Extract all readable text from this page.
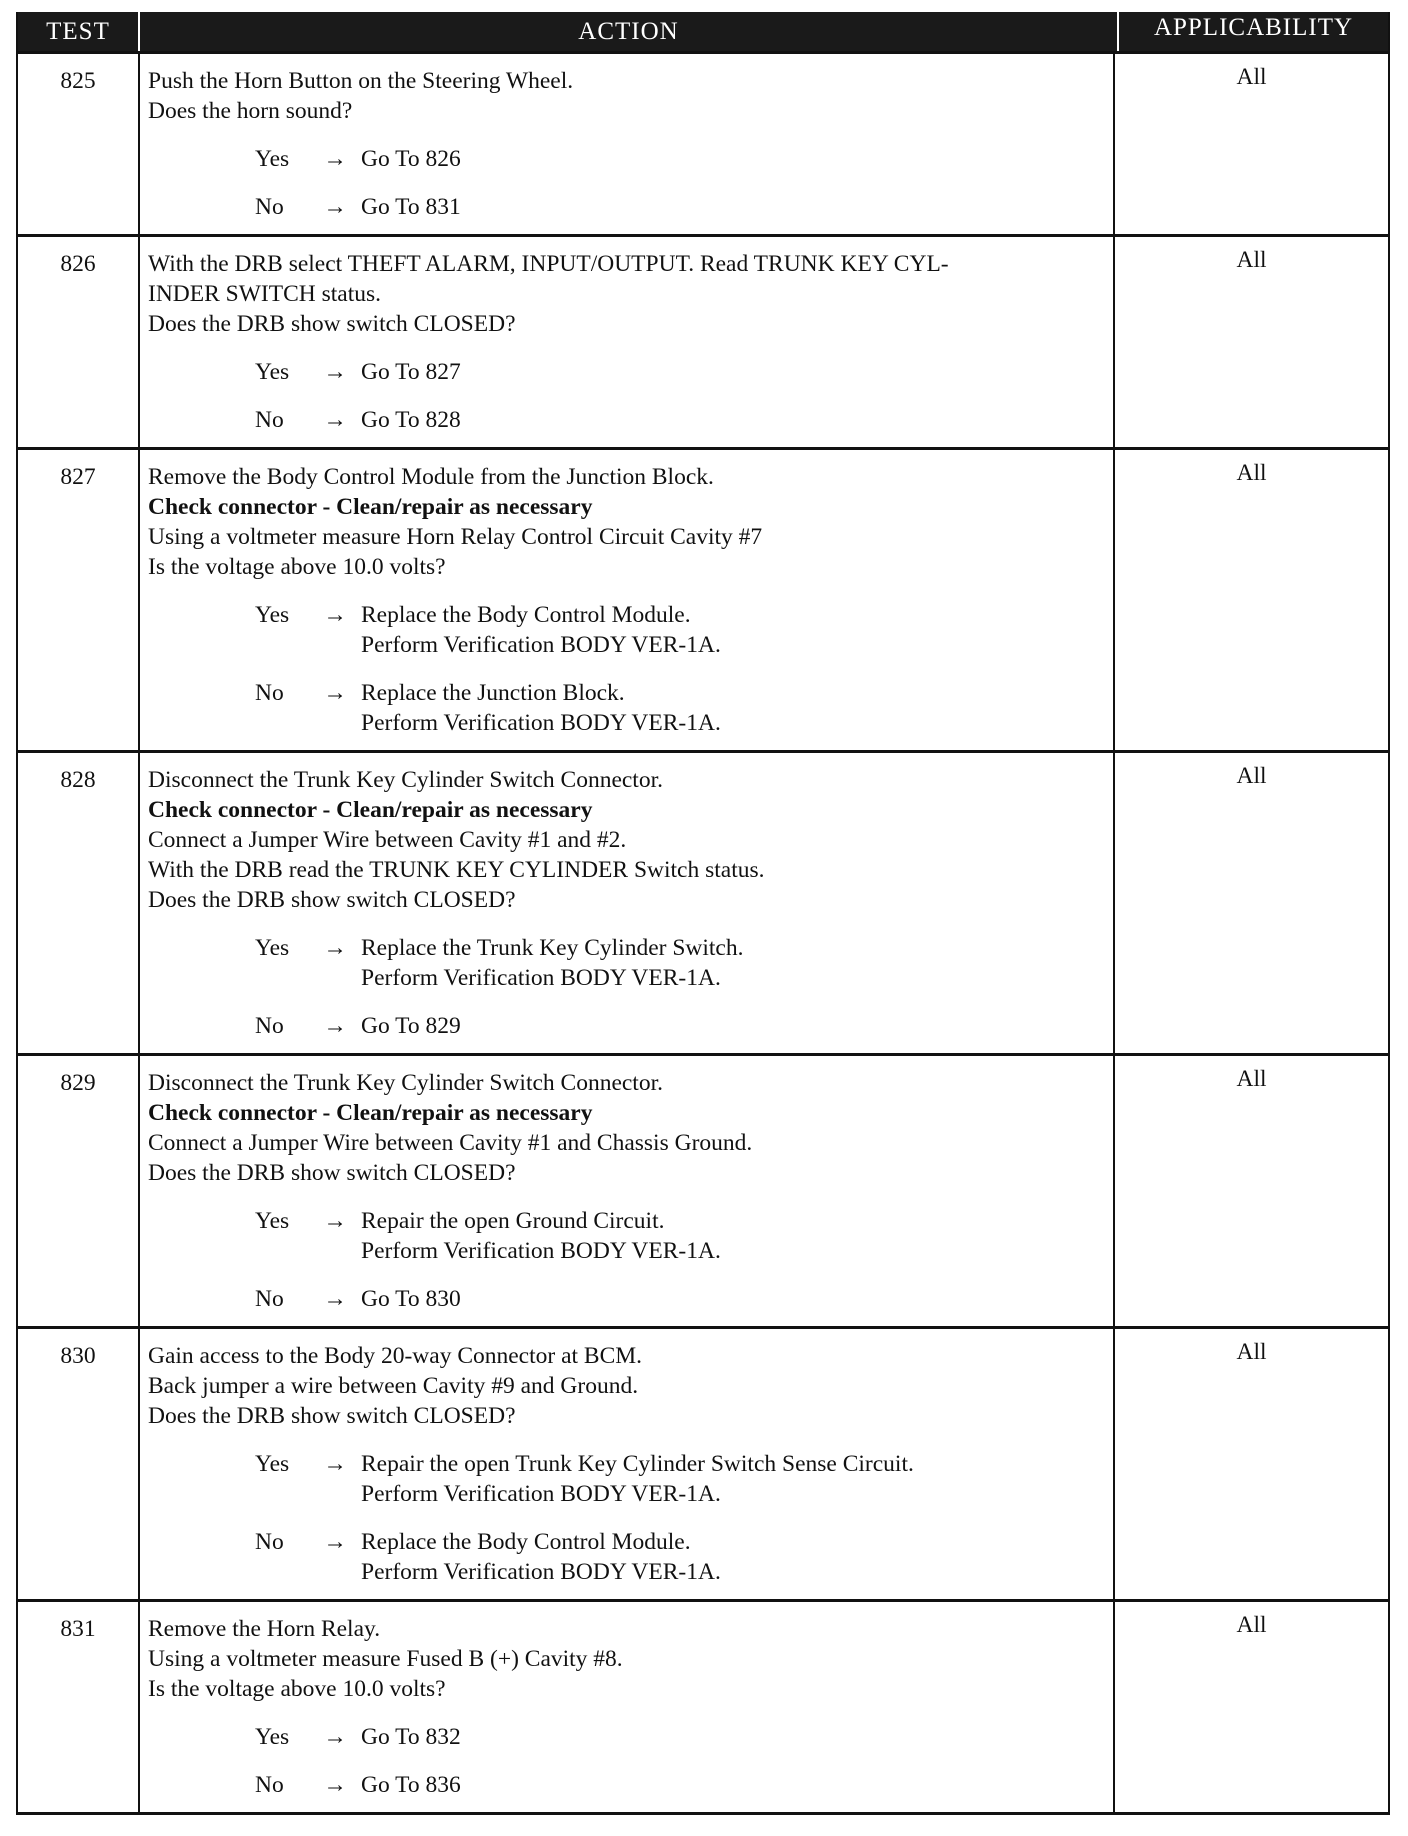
TEST	ACTION	APPLICABILITY
825	Push the Horn Button on the Steering Wheel.
Does the horn sound?
Yes	→ Go To 826
No	→ Go To 831
All
826	With the DRB select THEFT ALARM, INPUT/OUTPUT. Read TRUNK KEY CYL-
INDER SWITCH status.
Does the DRB show switch CLOSED?
Yes	→ Go To 827
No	→ Go To 828
All
827	Remove the Body Control Module from the Junction Block.
Check connector - Clean/repair as necessary
Using a voltmeter measure Horn Relay Control Circuit Cavity #7
Is the voltage above 10.0 volts?
Yes	→ Replace the Body Control Module.
Perform Verification BODY VER-1A.
No	→ Replace the Junction Block.
Perform Verification BODY VER-1A.
All
828	Disconnect the Trunk Key Cylinder Switch Connector.
Check connector - Clean/repair as necessary
Connect a Jumper Wire between Cavity #1 and #2.
With the DRB read the TRUNK KEY CYLINDER Switch status.
Does the DRB show switch CLOSED?
Yes	→ Replace the Trunk Key Cylinder Switch.
Perform Verification BODY VER-1A.
No	→ Go To 829
All
829	Disconnect the Trunk Key Cylinder Switch Connector.
Check connector - Clean/repair as necessary
Connect a Jumper Wire between Cavity #1 and Chassis Ground.
Does the DRB show switch CLOSED?
Yes	→ Repair the open Ground Circuit.
Perform Verification BODY VER-1A.
No	→ Go To 830
All
830	Gain access to the Body 20-way Connector at BCM.
Back jumper a wire between Cavity #9 and Ground.
Does the DRB show switch CLOSED?
Yes	→ Repair the open Trunk Key Cylinder Switch Sense Circuit.
Perform Verification BODY VER-1A.
No	→ Replace the Body Control Module.
Perform Verification BODY VER-1A.
All
831	Remove the Horn Relay.
Using a voltmeter measure Fused B (+) Cavity #8.
Is the voltage above 10.0 volts?
Yes	→ Go To 832
No	→ Go To 836
All
